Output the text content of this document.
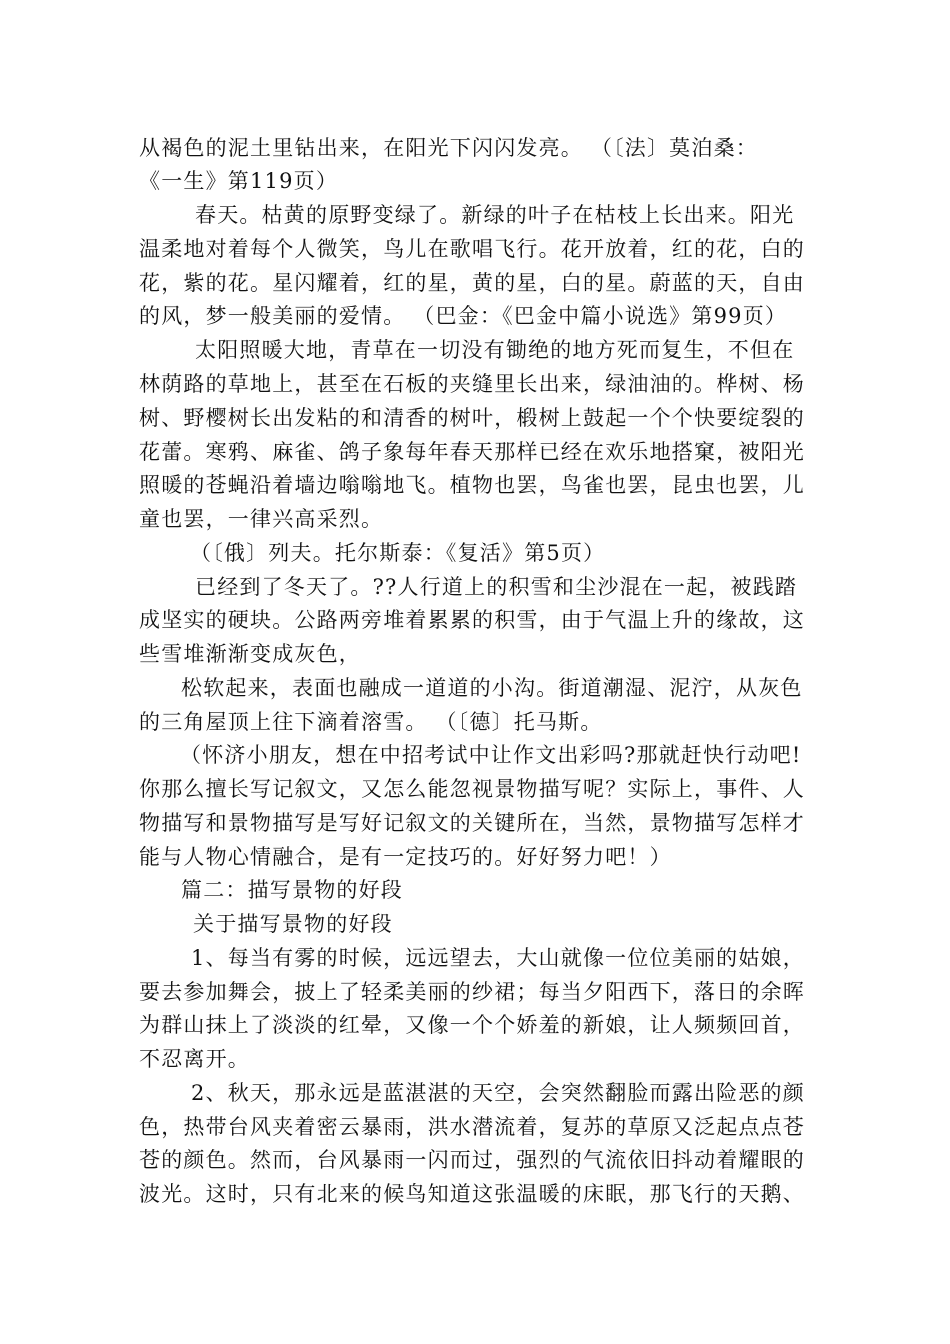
从褐色的泥土里钻出来，在阳光下闪闪发亮。 （〔法〕莫泊桑：
《一生》第119页）
春天。枯黄的原野变绿了。新绿的叶子在枯枝上长出来。阳光
温柔地对着每个人微笑，鸟儿在歌唱飞行。花开放着，红的花，白的
花，紫的花。星闪耀着，红的星，黄的星，白的星。蔚蓝的天，自由
的风，梦一般美丽的爱情。 （巴金：《巴金中篇小说选》第99页）
太阳照暖大地，青草在一切没有锄绝的地方死而复生，不但在
林荫路的草地上，甚至在石板的夹缝里长出来，绿油油的。桦树、杨
树、野樱树长出发粘的和清香的树叶，椴树上鼓起一个个快要绽裂的
花蕾。寒鸦、麻雀、鸽子象每年春天那样已经在欢乐地搭窠，被阳光
照暖的苍蝇沿着墙边嗡嗡地飞。植物也罢，鸟雀也罢，昆虫也罢，儿
童也罢，一律兴高采烈。
（〔俄〕列夫。托尔斯泰：《复活》第5页）
已经到了冬天了。??人行道上的积雪和尘沙混在一起，被践踏
成坚实的硬块。公路两旁堆着累累的积雪，由于气温上升的缘故，这
些雪堆渐渐变成灰色，
松软起来，表面也融成一道道的小沟。街道潮湿、泥泞，从灰色
的三角屋顶上往下滴着溶雪。 （〔德〕托马斯。
（怀济小朋友，想在中招考试中让作文出彩吗?那就赶快行动吧!
你那么擅长写记叙文，又怎么能忽视景物描写呢？实际上，事件、人
物描写和景物描写是写好记叙文的关键所在，当然，景物描写怎样才
能与人物心情融合，是有一定技巧的。好好努力吧！）
篇二：描写景物的好段
关于描写景物的好段
1、每当有雾的时候，远远望去，大山就像一位位美丽的姑娘，
要去参加舞会，披上了轻柔美丽的纱裙；每当夕阳西下，落日的余晖
为群山抹上了淡淡的红晕，又像一个个娇羞的新娘，让人频频回首，
不忍离开。
2、秋天，那永远是蓝湛湛的天空，会突然翻脸而露出险恶的颜
色，热带台风夹着密云暴雨，洪水潜流着，复苏的草原又泛起点点苍
苍的颜色。然而，台风暴雨一闪而过，强烈的气流依旧抖动着耀眼的
波光。这时，只有北来的候鸟知道这张温暖的床眠，那飞行的天鹅、
